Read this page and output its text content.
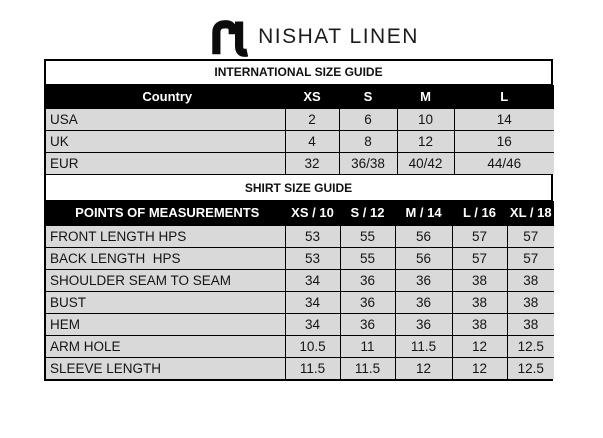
NISHAT LINEN
INTERNATIONAL SIZE GUIDE
Country	XS	S	M	L
USA	2	6	10	14
UK	4	8	12	16
EUR	32	36/38	40/42	44/46
SHIRT SIZE GUIDE
POINTS OF MEASUREMENTS	XS / 10	S / 12	M / 14	L / 16	XL / 18
FRONT LENGTH HPS	53	55	56	57	57
BACK LENGTH  HPS	53	55	56	57	57
SHOULDER SEAM TO SEAM	34	36	36	38	38
BUST	34	36	36	38	38
HEM	34	36	36	38	38
ARM HOLE	10.5	11	11.5	12	12.5
SLEEVE LENGTH	11.5	11.5	12	12	12.5
